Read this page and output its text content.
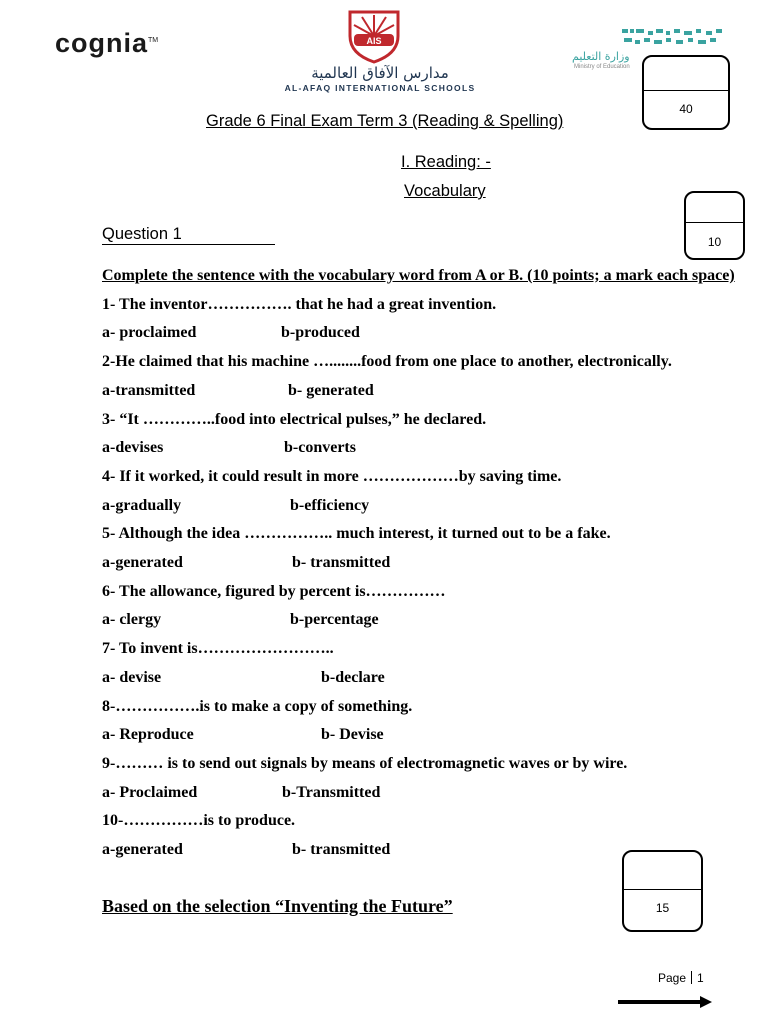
cognia™	AIS
مدارس الآفاق العالمية
AL-AFAQ INTERNATIONAL SCHOOLS
وزارة التعليم
Ministry of Education
40
10
15
Grade 6 Final Exam Term 3 (Reading & Spelling)
I. Reading: -
Vocabulary
Question 1

Complete the sentence with the vocabulary word from A or B. (10 points; a mark each space)

1- The inventor……………. that he had a great invention.

a- proclaimed	b-produced

2-He claimed that his machine …........food from one place to another, electronically.

a-transmitted	b- generated

3- “It …………..food into electrical pulses,” he declared.

a-devises	b-converts

4- If it worked, it could result in more ………………by saving time.

a-gradually	b-efficiency

5- Although the idea …………….. much interest, it turned out to be a fake.

a-generated	b- transmitted

6- The allowance, figured by percent is……………

a- clergy	b-percentage

7- To invent is……………………..

a- devise	b-declare

8-…………….is to make a copy of something.

a- Reproduce	b- Devise

9-……… is to send out signals by means of electromagnetic waves or by wire.

a- Proclaimed	b-Transmitted

10-……………is to produce.

a-generated	b- transmitted

Based on the selection “Inventing the Future”
Page 1
